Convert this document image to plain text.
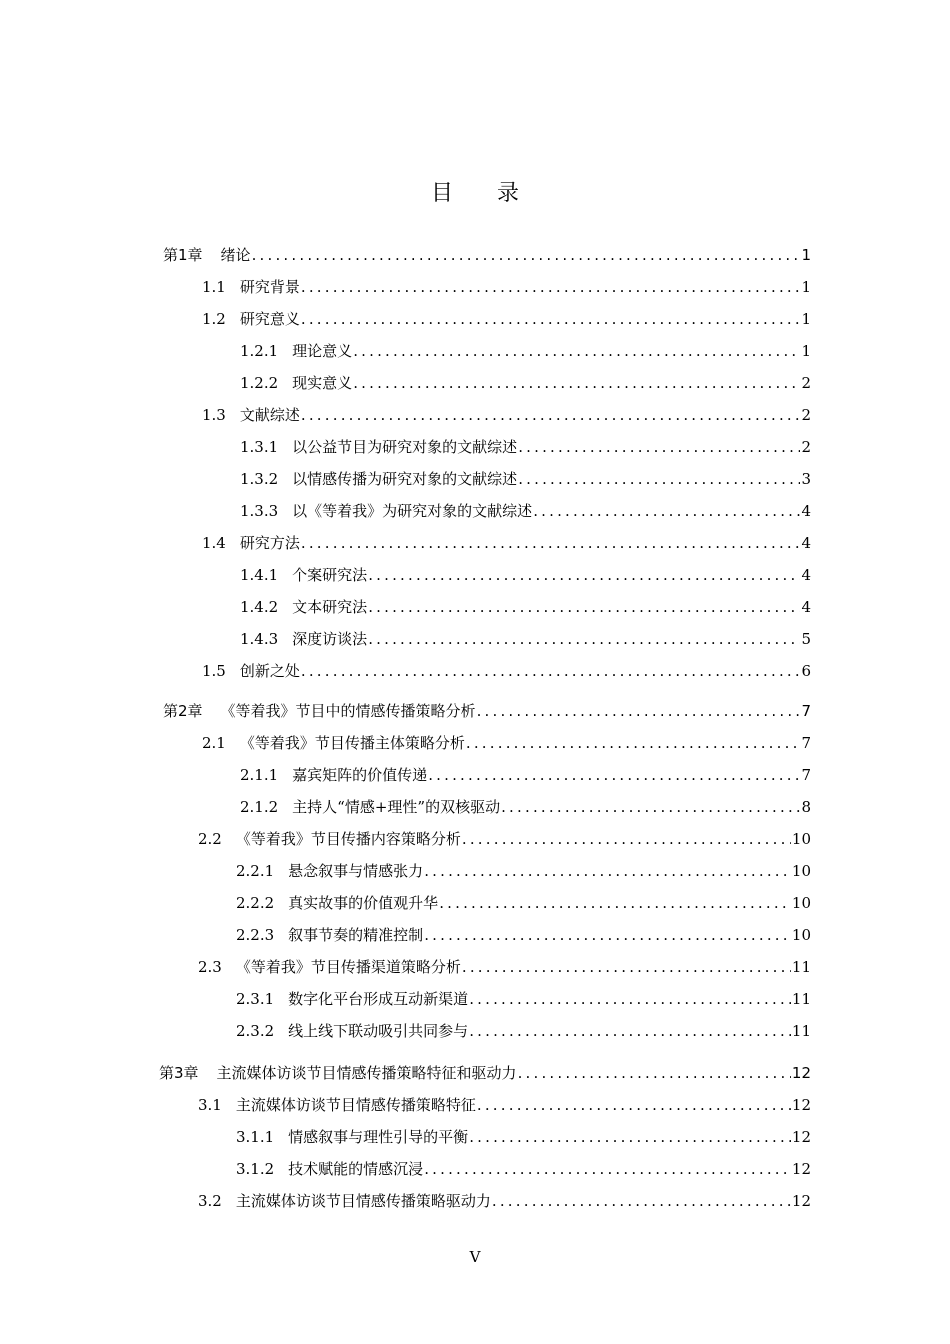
目录
第1章 绪论 .....	1
1.1 研究背景 .....	1
1.2 研究意义 .....	1
1.2.1 理论意义 .....	1
1.2.2 现实意义 .....	2
1.3 文献综述 .....	2
1.3.1 以公益节目为研究对象的文献综述 .....	2
1.3.2 以情感传播为研究对象的文献综述 .....	3
1.3.3 以《等着我》为研究对象的文献综述 .....	4
1.4 研究方法 .....	4
1.4.1 个案研究法 .....	4
1.4.2 文本研究法 .....	4
1.4.3 深度访谈法 .....	5
1.5 创新之处 .....	6
第2章 《等着我》节目中的情感传播策略分析 .....	7
2.1 《等着我》节目传播主体策略分析 .....	7
2.1.1 嘉宾矩阵的价值传递 .....	7
2.1.2 主持人“情感+理性”的双核驱动 .....	8
2.2 《等着我》节目传播内容策略分析 .....	10
2.2.1 悬念叙事与情感张力 .....	10
2.2.2 真实故事的价值观升华 .....	10
2.2.3 叙事节奏的精准控制 .....	10
2.3 《等着我》节目传播渠道策略分析 .....	11
2.3.1 数字化平台形成互动新渠道 .....	11
2.3.2 线上线下联动吸引共同参与 .....	11
第3章 主流媒体访谈节目情感传播策略特征和驱动力 .....	12
3.1 主流媒体访谈节目情感传播策略特征 .....	12
3.1.1 情感叙事与理性引导的平衡 .....	12
3.1.2 技术赋能的情感沉浸 .....	12
3.2 主流媒体访谈节目情感传播策略驱动力 .....	12
V
